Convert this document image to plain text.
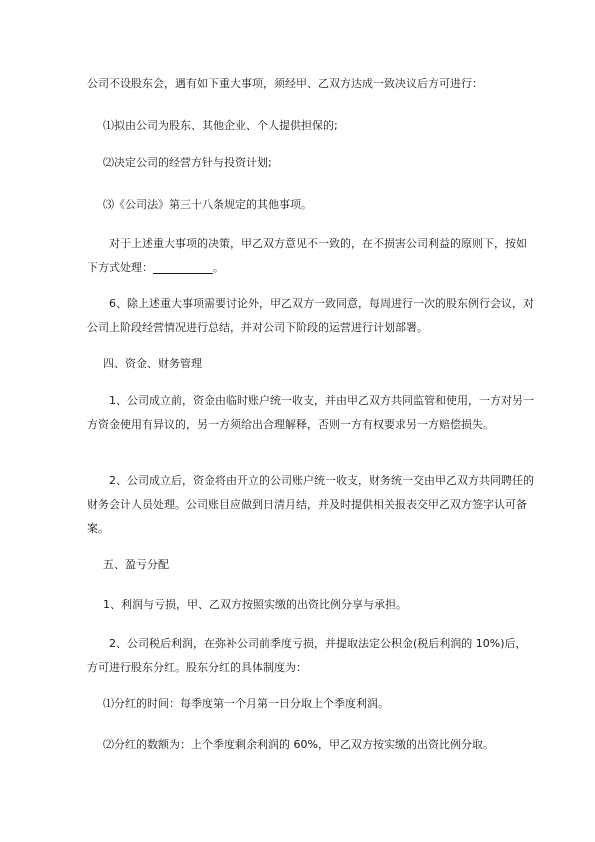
公司不设股东会，遇有如下重大事项，须经甲、乙双方达成一致决议后方可进行：

⑴拟由公司为股东、其他企业、个人提供担保的;

⑵决定公司的经营方针与投资计划;

⑶《公司法》第三十八条规定的其他事项。

对于上述重大事项的决策，甲乙双方意见不一致的，在不损害公司利益的原则下，按如下方式处理：	。

6、除上述重大事项需要讨论外，甲乙双方一致同意，每周进行一次的股东例行会议，对公司上阶段经营情况进行总结，并对公司下阶段的运营进行计划部署。

四、资金、财务管理

1、公司成立前，资金由临时账户统一收支，并由甲乙双方共同监管和使用，一方对另一方资金使用有异议的，另一方须给出合理解释，否则一方有权要求另一方赔偿损失。

2、公司成立后，资金将由开立的公司账户统一收支，财务统一交由甲乙双方共同聘任的财务会计人员处理。公司账目应做到日清月结，并及时提供相关报表交甲乙双方签字认可备案。

五、盈亏分配

1、利润与亏损，甲、乙双方按照实缴的出资比例分享与承担。

2、公司税后利润，在弥补公司前季度亏损，并提取法定公积金(税后利润的 10%)后，方可进行股东分红。股东分红的具体制度为：

⑴分红的时间：每季度第一个月第一日分取上个季度利润。

⑵分红的数额为：上个季度剩余利润的 60%，甲乙双方按实缴的出资比例分取。
